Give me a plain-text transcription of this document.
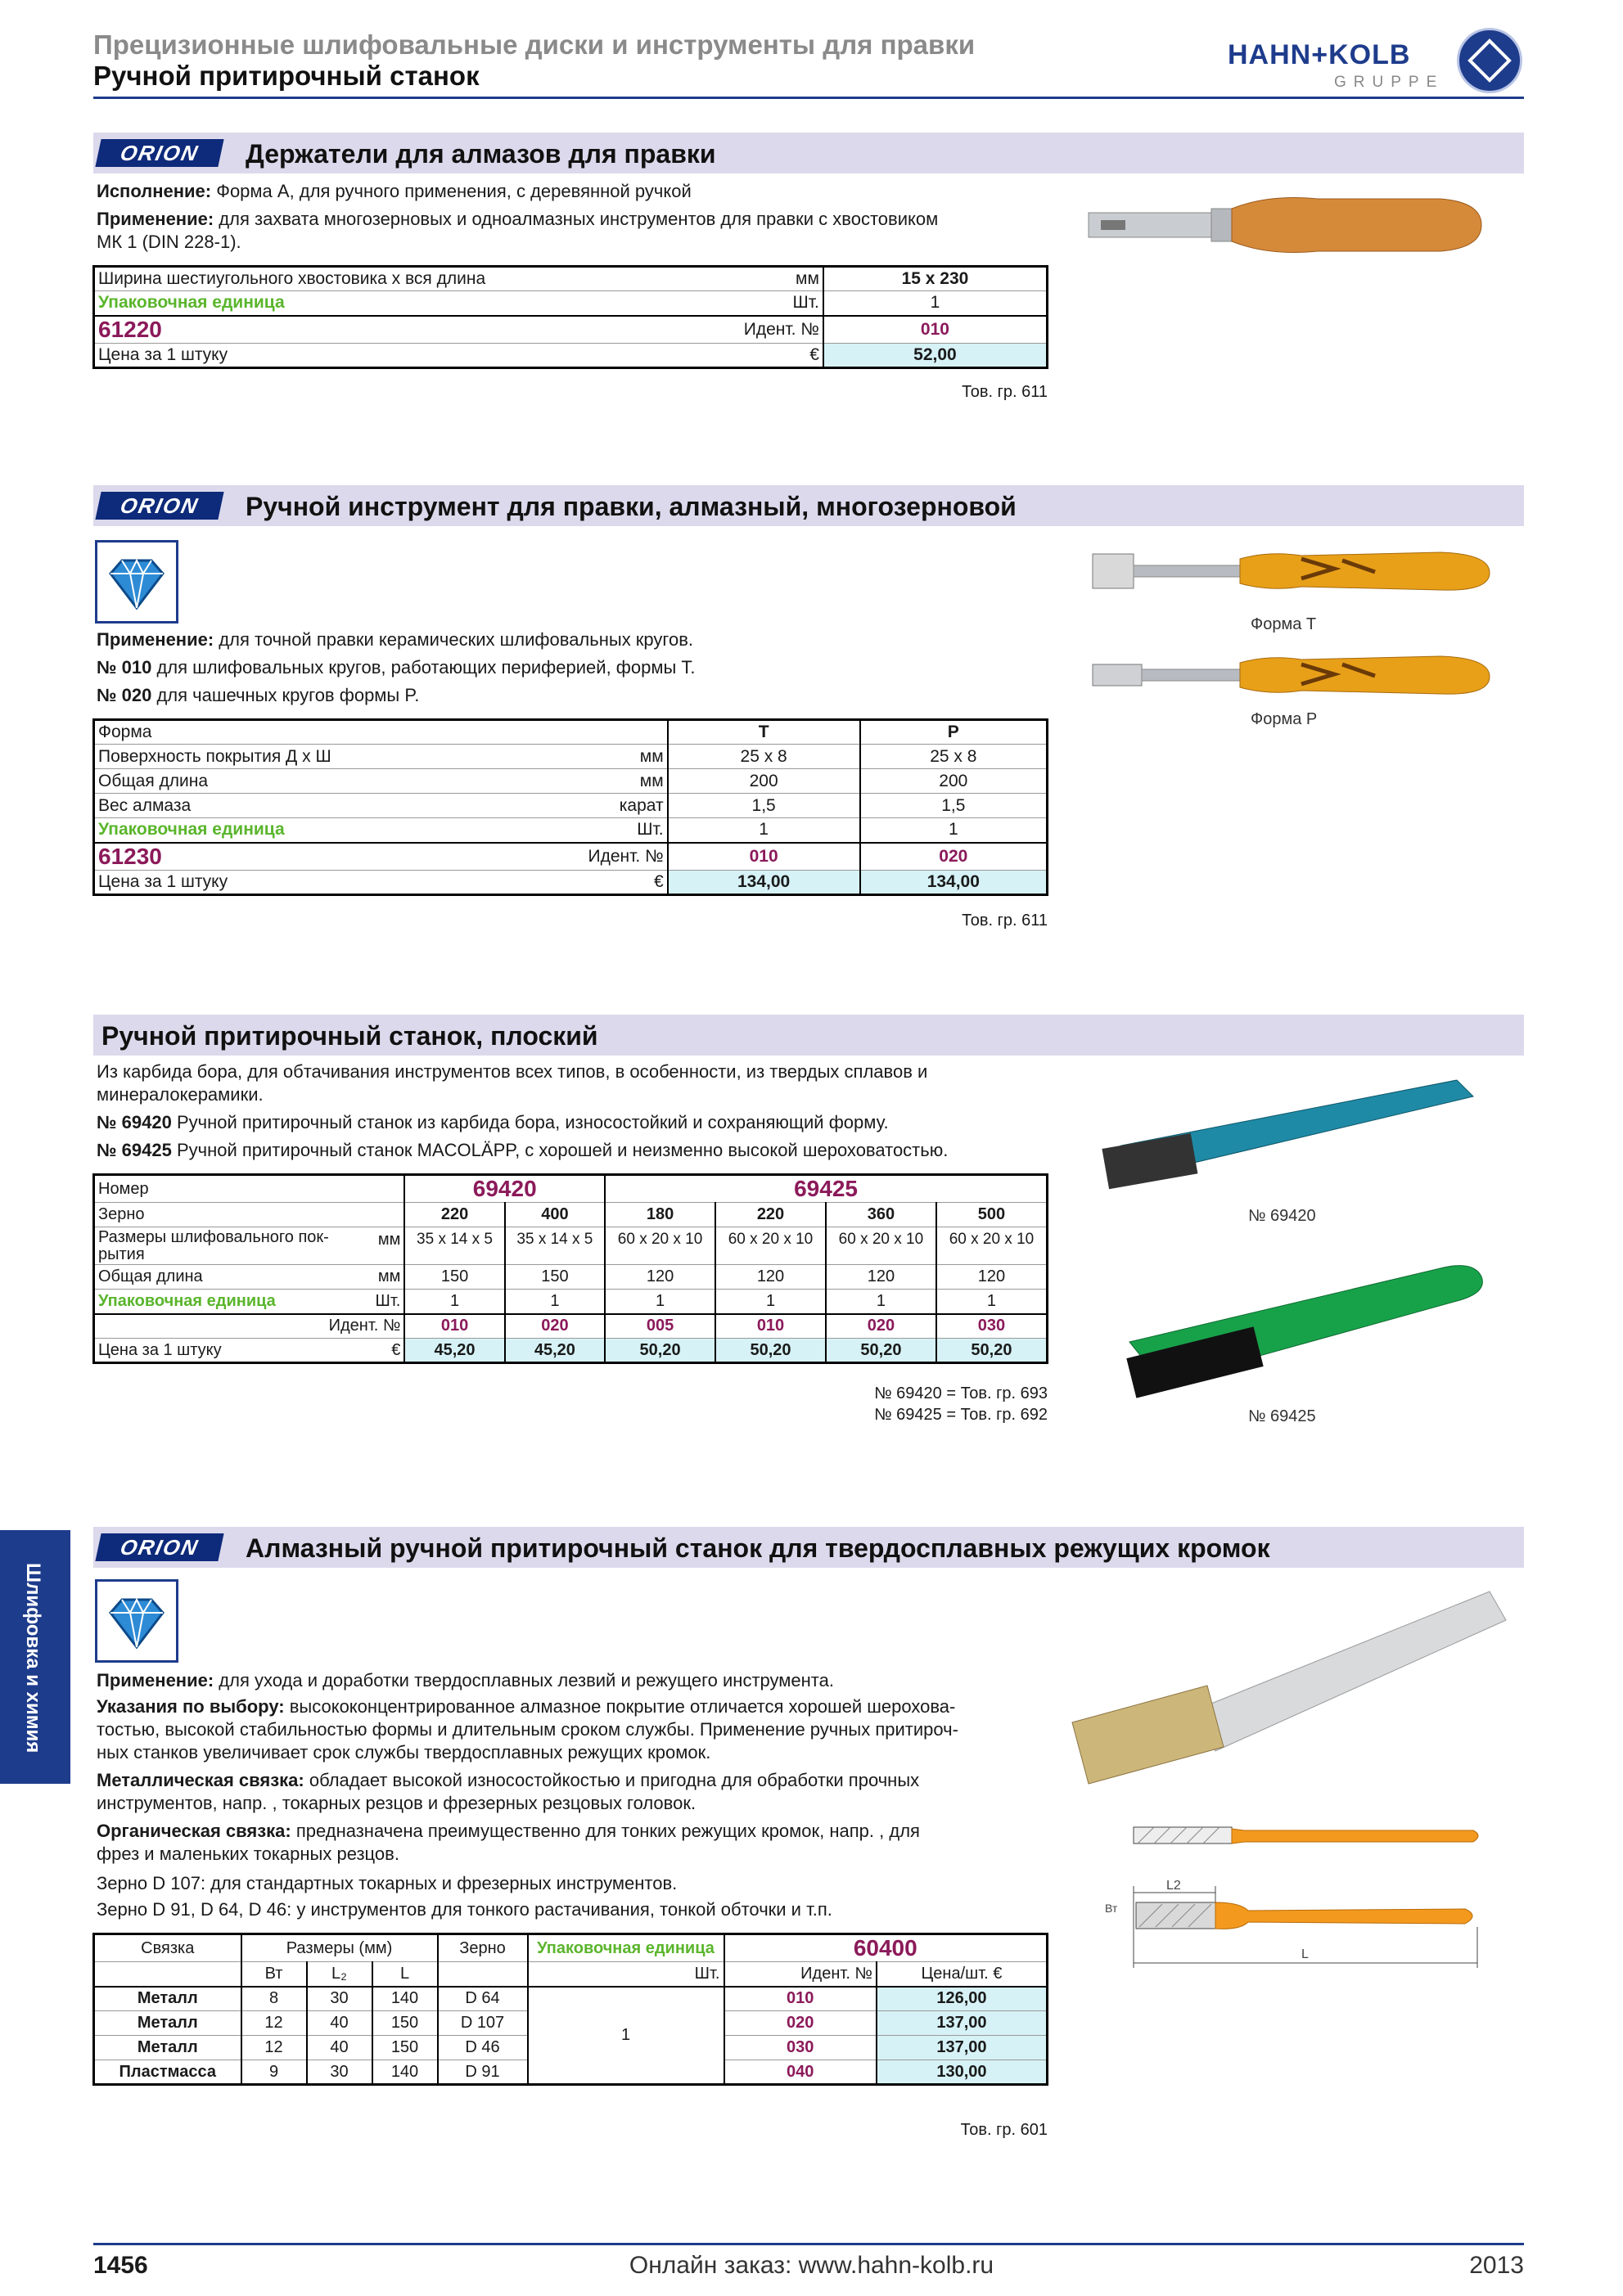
Прецизионные шлифовальные диски и инструменты для правки
Ручной притирочный станок
HAHN+KOLB
GRUPPE
Шлифовка и химия
ORION	Держатели для алмазов для правки
Исполнение: Форма А, для ручного применения, с деревянной ручкой
Применение: для захвата многозерновых и одноалмазных инструментов для правки с хвостовиком
МК 1 (DIN 228-1).
Ширина шестиугольного хвостовика х вся длина	мм	15 x 230
Упаковочная единица	Шт.	1
61220	Идент. №	010
Цена за 1 штуку	€	52,00
Тов. гр. 611
ORION	Ручной инструмент для правки, алмазный, многозерновой
Применение: для точной правки керамических шлифовальных кругов.
№ 010 для шлифовальных кругов, работающих периферией, формы T.
№ 020 для чашечных кругов формы P.
Форма		T	P
Поверхность покрытия Д х Ш	мм	25 x 8	25 x 8
Общая длина	мм	200	200
Вес алмаза	карат	1,5	1,5
Упаковочная единица	Шт.	1	1
61230	Идент. №	010	020
Цена за 1 штуку	€	134,00	134,00
Тов. гр. 611
Форма T
Форма P
Ручной притирочный станок, плоский
Из карбида бора, для обтачивания инструментов всех типов, в особенности, из твердых сплавов и
минералокерамики.
№ 69420 Ручной притирочный станок из карбида бора, износостойкий и сохраняющий форму.
№ 69425 Ручной притирочный станок MACOLÄPP, с хорошей и неизменно высокой шероховатостью.
Номер		69420		69425			
Зерно		220	400	180	220	360	500
Размеры шлифовального пок-
рытия	мм	35 x 14 x 5	35 x 14 x 5	60 x 20 x 10	60 x 20 x 10	60 x 20 x 10	60 x 20 x 10
Общая длина	мм	150	150	120	120	120	120
Упаковочная единица	Шт.	1	1	1	1	1	1
Идент. №		010	020	005	010	020	030
Цена за 1 штуку	€	45,20	45,20	50,20	50,20	50,20	50,20
№ 69420 = Тов. гр. 693
№ 69425 = Тов. гр. 692
№ 69420
№ 69425
ORION	Алмазный ручной притирочный станок для твердосплавных режущих кромок
Применение: для ухода и доработки твердосплавных лезвий и режущего инструмента.
Указания по выбору: высококонцентрированное алмазное покрытие отличается хорошей шерохова-
тостью, высокой стабильностью формы и длительным сроком службы. Применение ручных притироч-
ных станков увеличивает срок службы твердосплавных режущих кромок.
Металлическая связка: обладает высокой износостойкостью и пригодна для обработки прочных
инструментов, напр. , токарных резцов и фрезерных резцовых головок.
Органическая связка: предназначена преимущественно для тонких режущих кромок, напр. , для
фрез и маленьких токарных резцов.
Зерно D 107: для стандартных токарных и фрезерных инструментов.
Зерно D 91, D 64, D 46: у инструментов для тонкого растачивания, тонкой обточки и т.п.
Связка	Размеры (мм)			Зерно	Упаковочная единица	60400	
	Вт	L₂	L		Шт.	Идент. №	Цена/шт. €
Металл	8	30	140	D 64	1	010	126,00
Металл	12	40	150	D 107		020	137,00
Металл	12	40	150	D 46		030	137,00
Пластмасса	9	30	140	D 91		040	130,00
Тов. гр. 601
L2
Вт
L
1456	Онлайн заказ: www.hahn-kolb.ru	2013
